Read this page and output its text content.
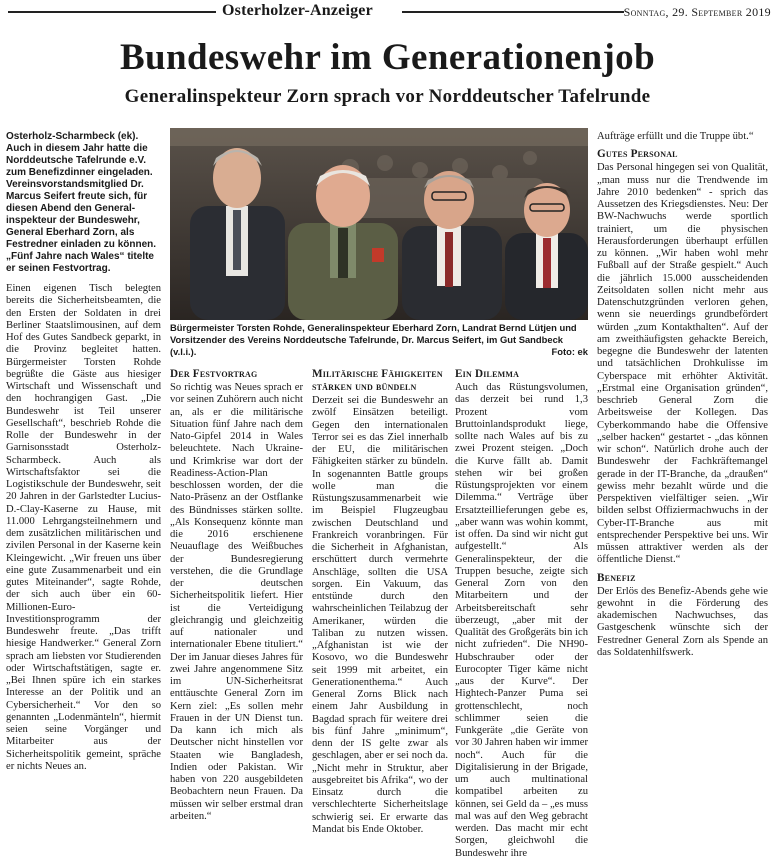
Osterholzer-Anzeiger	Sonntag, 29. September 2019
Bundeswehr im Generationenjob
Generalinspekteur Zorn sprach vor Norddeutscher Tafelrunde

Osterholz-Scharmbeck (ek). Auch in diesem Jahr hatte die Norddeutsche Tafelrunde e.V. zum Benefizdinner eingeladen. Vereinsvorstandsmitglied Dr. Marcus Seifert freute sich, für diesen Abend den General-inspekteur der Bundeswehr, General Eberhard Zorn, als Festredner einladen zu können. „Fünf Jahre nach Wales“ titelte er seinen Festvortrag.

Einen eigenen Tisch belegten bereits die Sicherheitsbeamten, die den Ersten der Soldaten in drei Berliner Staatslimousinen, auf dem Hof des Gutes Sandbeck geparkt, in die Provinz begleitet hatten. Bürgermeister Torsten Rohde begrüßte die Gäste aus hiesiger Wirtschaft und Wissenschaft und den hochrangigen Gast. „Die Bundeswehr ist Teil unserer Gesellschaft“, beschrieb Rohde die Rolle der Bundeswehr in der Garnisonsstadt Osterholz-Scharmbeck. Auch als Wirtschaftsfaktor sei die Logistikschule der Bundeswehr, seit 20 Jahren in der Garlstedter Lucius-D.-Clay-Kaserne zu Hause, mit 11.000 Lehrgangsteilnehmern und dem zusätzlichen militärischen und zivilen Personal in der Kaserne kein Kleingewicht. „Wir freuen uns über eine gute Zusammenarbeit und ein gutes Miteinander“, sagte Rohde, der sich auch über ein 60-Millionen-Euro-Investitionsprogramm der Bundeswehr freute. „Das trifft hiesige Handwerker.“ General Zorn sprach am liebsten vor Studierenden oder Wirtschaftstätigen, sagte er. „Bei Ihnen spüre ich ein starkes Interesse an der Politik und an Cybersicherheit.“ Vor den so genannten „Lodenmänteln“, hiermit seien seine Vorgänger und Mitarbeiter aus der Sicherheitspolitik gemeint, spräche er nichts Neues an.

Bürgermeister Torsten Rohde, Generalinspekteur Eberhard Zorn, Landrat Bernd Lütjen und Vorsitzender des Vereins Norddeutsche Tafelrunde, Dr. Marcus Seifert, im Gut Sandbeck (v.l.i.).	Foto: ek
Der Festvortrag

So richtig was Neues sprach er vor seinen Zuhörern auch nicht an, als er die militärische Situation fünf Jahre nach dem Nato-Gipfel 2014 in Wales beleuchtete. Nach Ukraine- und Krimkrise war dort der Readiness-Action-Plan beschlossen worden, der die Nato-Präsenz an der Ostflanke des Bündnisses stärken sollte. „Als Konsequenz könnte man die 2016 erschienene Neuauflage des Weißbuches der Bundesregierung verstehen, die die Grundlage der deutschen Sicherheitspolitik liefert. Hier ist die Verteidigung gleichrangig und gleichzeitig auf nationaler und internationaler Ebene tituliert.“ Der im Januar dieses Jahres für zwei Jahre angenommene Sitz im UN-Sicherheitsrat enttäuschte General Zorn im Kern ziel: „Es sollen mehr Frauen in der UN Dienst tun. Da kann ich mich als Deutscher nicht hinstellen vor Staaten wie Bangladesh, Indien oder Pakistan. Wir haben von 220 ausgebildeten Beobachtern neun Frauen. Da müssen wir selber erstmal dran arbeiten.“

Militärische Fähigkeiten stärken und bündeln

Derzeit sei die Bundeswehr an zwölf Einsätzen beteiligt. Gegen den internationalen Terror sei es das Ziel innerhalb der EU, die militärischen Fähigkeiten stärker zu bündeln. In sogenannten Battle groups wolle man die Rüstungszusammenarbeit wie im Beispiel Flugzeugbau zwischen Deutschland und Frankreich voranbringen. Für die Sicherheit in Afghanistan, erschüttert durch vermehrte Anschläge, sollten die USA sorgen. Ein Vakuum, das entstünde durch den wahrscheinlichen Teilabzug der Amerikaner, würden die Taliban zu nutzen wissen. „Afghanistan ist wie der Kosovo, wo die Bundeswehr seit 1999 mit arbeitet, ein Generationenthema.“ Auch General Zorns Blick nach einem Jahr Ausbildung in Bagdad sprach für weitere drei bis fünf Jahre „minimum“, denn der IS gelte zwar als geschlagen, aber er sei noch da. „Nicht mehr in Struktur, aber ausgebreitet bis Afrika“, wo der Einsatz durch die verschlechterte Sicherheitslage schwierig sei. Er erwarte das Mandat bis Ende Oktober.

Ein Dilemma

Auch das Rüstungsvolumen, das derzeit bei rund 1,3 Prozent vom Bruttoinlandsprodukt liege, sollte nach Wales auf bis zu zwei Prozent steigen. „Doch die Kurve fällt ab. Damit stehen wir bei großen Rüstungsprojekten vor einem Dilemma.“ Verträge über Ersatzteillieferungen gebe es, „aber wann was wohin kommt, ist offen. Da sind wir nicht gut aufgestellt.“ Als Generalinspekteur, der die Truppen besuche, zeigte sich General Zorn von den Mitarbeitern und der Arbeitsbereitschaft sehr überzeugt, „aber mit der Qualität des Großgeräts bin ich nicht zufrieden“. Die NH90-Hubschrauber oder der Eurocopter Tiger käme nicht „aus der Kurve“. Der Hightech-Panzer Puma sei grottenschlecht, noch schlimmer seien die Funkgeräte „die Geräte von vor 30 Jahren haben wir immer noch“. Auch für die Digitalisierung in der Brigade, um auch multinational kompatibel arbeiten zu können, sei Geld da – „es muss mal was auf den Weg gebracht werden. Das macht mir echt Sorgen, gleichwohl die Bundeswehr ihre

Aufträge erfüllt und die Truppe übt.“

Gutes Personal

Das Personal hingegen sei von Qualität, „man muss nur die Trendwende im Jahre 2010 bedenken“ - sprich das Aussetzen des Kriegsdienstes. Neu: Der BW-Nachwuchs werde sportlich trainiert, um die physischen Herausforderungen überhaupt erfüllen zu können. „Wir haben wohl mehr Fußball auf der Straße gespielt.“ Auch die jährlich 15.000 ausscheidenden Zeitsoldaten sollen nicht mehr aus Datenschutzgründen verloren gehen, wenn sie neuerdings grundbefördert würden „zum Kontakthalten“. Auf der am zweithäufigsten gehackte Bereich, begegne die Bundeswehr der latenten und tatsächlichen Drohkulisse im Cyberspace mit erhöhter Aktivität. „Erstmal eine Organisation gründen“, beschrieb General Zorn die Arbeitsweise der Kollegen. Das Cyberkommando habe die Offensive „selber hacken“ gestartet - „das können wir schon“. Natürlich drohe auch der Bundeswehr der Fachkräftemangel gerade in der IT-Branche, da „draußen“ gewiss mehr bezahlt würde und die Perspektiven vielfältiger seien. „Wir bilden selbst Offiziermachwuchs in der Cyber-IT-Branche aus mit entsprechender Perspektive bei uns. Wir müssen attraktiver werden als der öffentliche Dienst.“

Benefiz

Der Erlös des Benefiz-Abends gehe wie gewohnt in die Förderung des akademischen Nachwuchses, das Gastgeschenk wünschte sich der Festredner General Zorn als Spende an das Soldatenhilfswerk.
